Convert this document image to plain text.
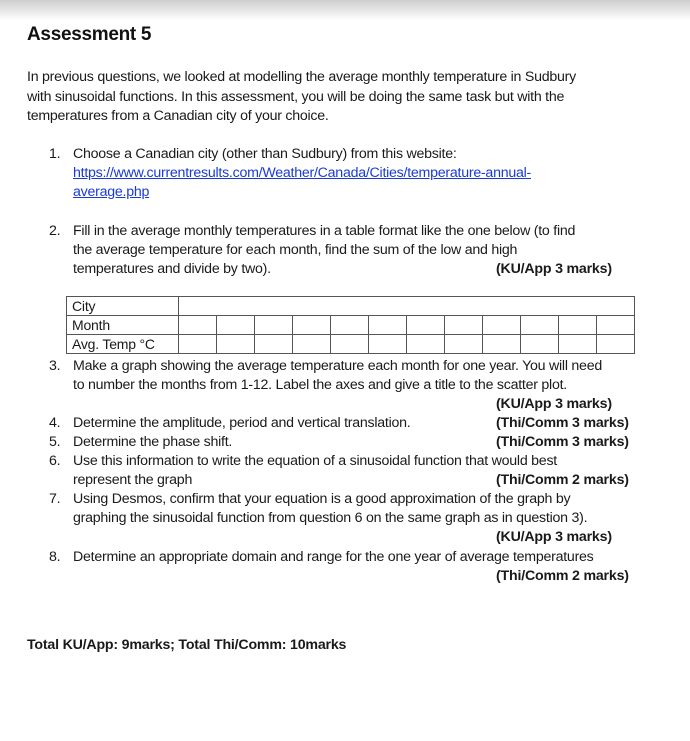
Assessment 5
In previous questions, we looked at modelling the average monthly temperature in Sudbury
with sinusoidal functions. In this assessment, you will be doing the same task but with the
temperatures from a Canadian city of your choice.
1. Choose a Canadian city (other than Sudbury) from this website:
https://www.currentresults.com/Weather/Canada/Cities/temperature-annual-
average.php
2. Fill in the average monthly temperatures in a table format like the one below (to find
the average temperature for each month, find the sum of the low and high
temperatures and divide by two).	(KU/App 3 marks)
City												
Month												
Avg. Temp °C												
3. Make a graph showing the average temperature each month for one year. You will need
to number the months from 1-12. Label the axes and give a title to the scatter plot.
(KU/App 3 marks)
4. Determine the amplitude, period and vertical translation.	(Thi/Comm 3 marks)
5. Determine the phase shift.	(Thi/Comm 3 marks)
6. Use this information to write the equation of a sinusoidal function that would best
represent the graph	(Thi/Comm 2 marks)
7. Using Desmos, confirm that your equation is a good approximation of the graph by
graphing the sinusoidal function from question 6 on the same graph as in question 3).
(KU/App 3 marks)
8. Determine an appropriate domain and range for the one year of average temperatures
(Thi/Comm 2 marks)
Total KU/App: 9marks; Total Thi/Comm: 10marks
